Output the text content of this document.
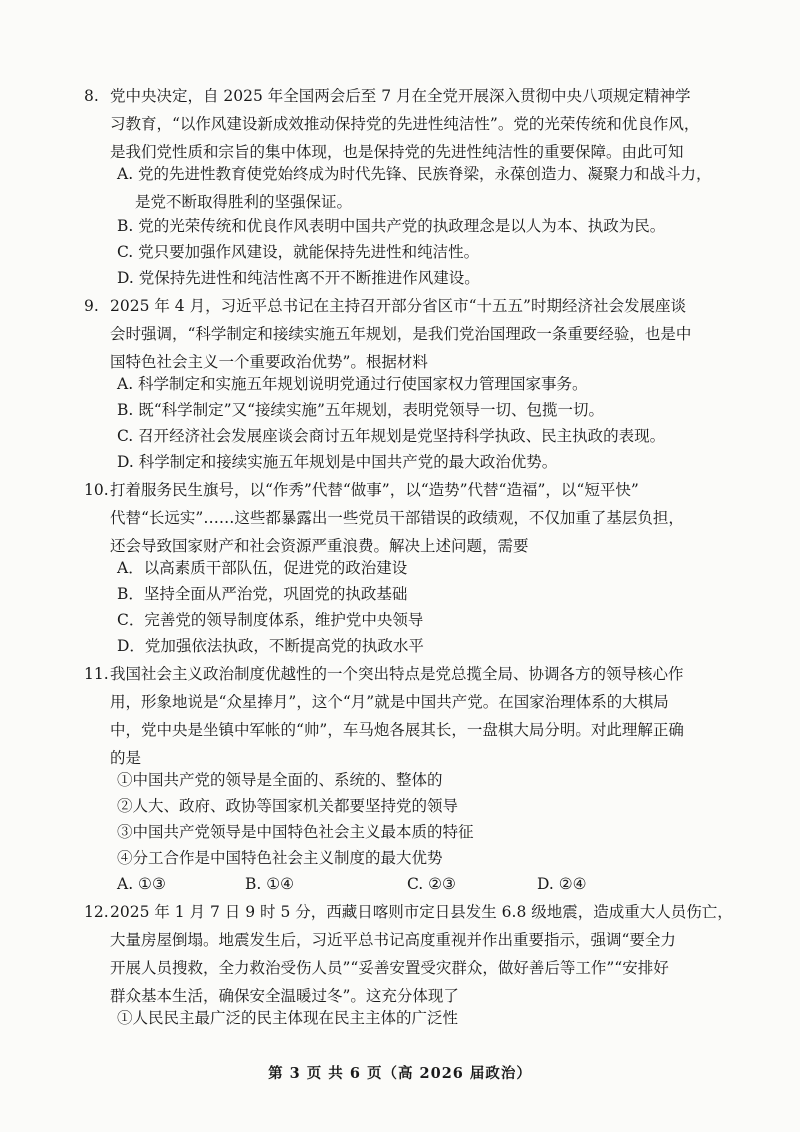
8. 党中央决定，自 2025 年全国两会后至 7 月在全党开展深入贯彻中央八项规定精神学
习教育，“以作风建设新成效推动保持党的先进性纯洁性”。党的光荣传统和优良作风，
是我们党性质和宗旨的集中体现，也是保持党的先进性纯洁性的重要保障。由此可知
A. 党的先进性教育使党始终成为时代先锋、民族脊梁，永葆创造力、凝聚力和战斗力，
是党不断取得胜利的坚强保证。
B. 党的光荣传统和优良作风表明中国共产党的执政理念是以人为本、执政为民。
C. 党只要加强作风建设，就能保持先进性和纯洁性。
D. 党保持先进性和纯洁性离不开不断推进作风建设。
9. 2025 年 4 月，习近平总书记在主持召开部分省区市“十五五”时期经济社会发展座谈
会时强调，“科学制定和接续实施五年规划，是我们党治国理政一条重要经验，也是中
国特色社会主义一个重要政治优势”。根据材料
A. 科学制定和实施五年规划说明党通过行使国家权力管理国家事务。
B. 既“科学制定”又“接续实施”五年规划，表明党领导一切、包揽一切。
C. 召开经济社会发展座谈会商讨五年规划是党坚持科学执政、民主执政的表现。
D. 科学制定和接续实施五年规划是中国共产党的最大政治优势。
10. 打着服务民生旗号，以“作秀”代替“做事”，以“造势”代替“造福”，以“短平快”
代替“长远实”……这些都暴露出一些党员干部错误的政绩观，不仅加重了基层负担，
还会导致国家财产和社会资源严重浪费。解决上述问题，需要
A．以高素质干部队伍，促进党的政治建设
B．坚持全面从严治党，巩固党的执政基础
C．完善党的领导制度体系，维护党中央领导
D．党加强依法执政，不断提高党的执政水平
11. 我国社会主义政治制度优越性的一个突出特点是党总揽全局、协调各方的领导核心作
用，形象地说是“众星捧月”，这个“月”就是中国共产党。在国家治理体系的大棋局
中，党中央是坐镇中军帐的“帅”，车马炮各展其长，一盘棋大局分明。对此理解正确
的是
①中国共产党的领导是全面的、系统的、整体的
②人大、政府、政协等国家机关都要坚持党的领导
③中国共产党领导是中国特色社会主义最本质的特征
④分工合作是中国特色社会主义制度的最大优势
A. ①③	B. ①④	C. ②③	D. ②④
12. 2025 年 1 月 7 日 9 时 5 分，西藏日喀则市定日县发生 6.8 级地震，造成重大人员伤亡，
大量房屋倒塌。地震发生后，习近平总书记高度重视并作出重要指示，强调“要全力
开展人员搜救，全力救治受伤人员”“妥善安置受灾群众，做好善后等工作”“安排好
群众基本生活，确保安全温暖过冬”。这充分体现了
①人民民主最广泛的民主体现在民主主体的广泛性
第 3 页 共 6 页（高 2026 届政治）
